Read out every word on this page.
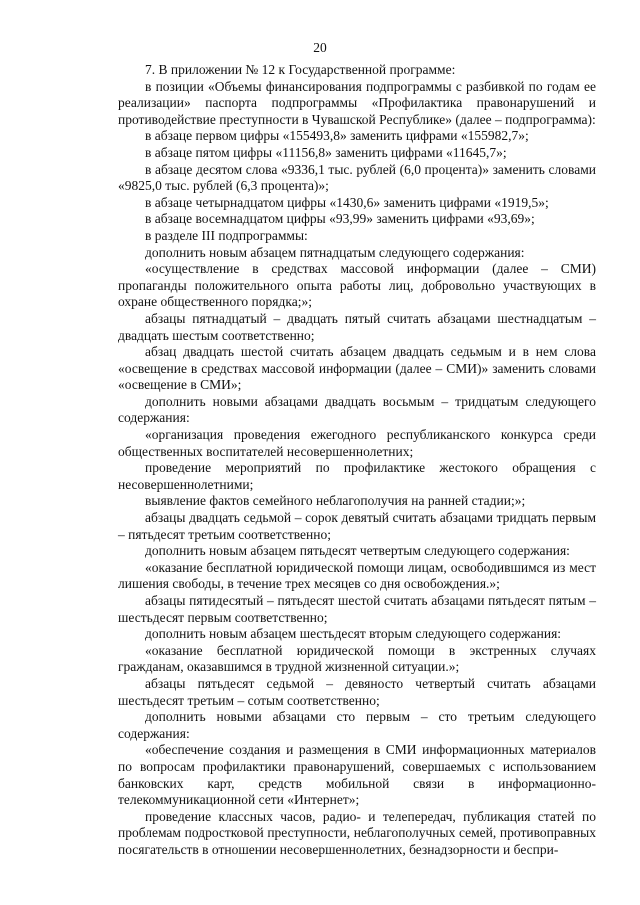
20

7. В приложении № 12 к Государственной программе:

в позиции «Объемы финансирования подпрограммы с разбивкой по годам ее реализации» паспорта подпрограммы «Профилактика правонарушений и противодействие преступности в Чувашской Республике» (далее – подпрограмма):

в абзаце первом цифры «155493,8» заменить цифрами «155982,7»;

в абзаце пятом цифры «11156,8» заменить цифрами «11645,7»;

в абзаце десятом слова «9336,1 тыс. рублей (6,0 процента)» заменить словами «9825,0 тыс. рублей (6,3 процента)»;

в абзаце четырнадцатом цифры «1430,6» заменить цифрами «1919,5»;

в абзаце восемнадцатом цифры «93,99» заменить цифрами «93,69»;

в разделе III подпрограммы:

дополнить новым абзацем пятнадцатым следующего содержания:

«осуществление в средствах массовой информации (далее – СМИ) пропаганды положительного опыта работы лиц, добровольно участвующих в охране общественного порядка;»;

абзацы пятнадцатый – двадцать пятый считать абзацами шестнадцатым – двадцать шестым соответственно;

абзац двадцать шестой считать абзацем двадцать седьмым и в нем слова «освещение в средствах массовой информации (далее – СМИ)» заменить словами «освещение в СМИ»;

дополнить новыми абзацами двадцать восьмым – тридцатым следующего содержания:

«организация проведения ежегодного республиканского конкурса среди общественных воспитателей несовершеннолетних;

проведение мероприятий по профилактике жестокого обращения с несовершеннолетними;

выявление фактов семейного неблагополучия на ранней стадии;»;

абзацы двадцать седьмой – сорок девятый считать абзацами тридцать первым – пятьдесят третьим соответственно;

дополнить новым абзацем пятьдесят четвертым следующего содержания:

«оказание бесплатной юридической помощи лицам, освободившимся из мест лишения свободы, в течение трех месяцев со дня освобождения.»;

абзацы пятидесятый – пятьдесят шестой считать абзацами пятьдесят пятым – шестьдесят первым соответственно;

дополнить новым абзацем шестьдесят вторым следующего содержания:

«оказание бесплатной юридической помощи в экстренных случаях гражданам, оказавшимся в трудной жизненной ситуации.»;

абзацы пятьдесят седьмой – девяносто четвертый считать абзацами шестьдесят третьим – сотым соответственно;

дополнить новыми абзацами сто первым – сто третьим следующего содержания:

«обеспечение создания и размещения в СМИ информационных материалов по вопросам профилактики правонарушений, совершаемых с использованием банковских карт, средств мобильной связи в информационно-телекоммуникационной сети «Интернет»;

проведение классных часов, радио- и телепередач, публикация статей по проблемам подростковой преступности, неблагополучных семей, противоправных посягательств в отношении несовершеннолетних, безнадзорности и беспри-
